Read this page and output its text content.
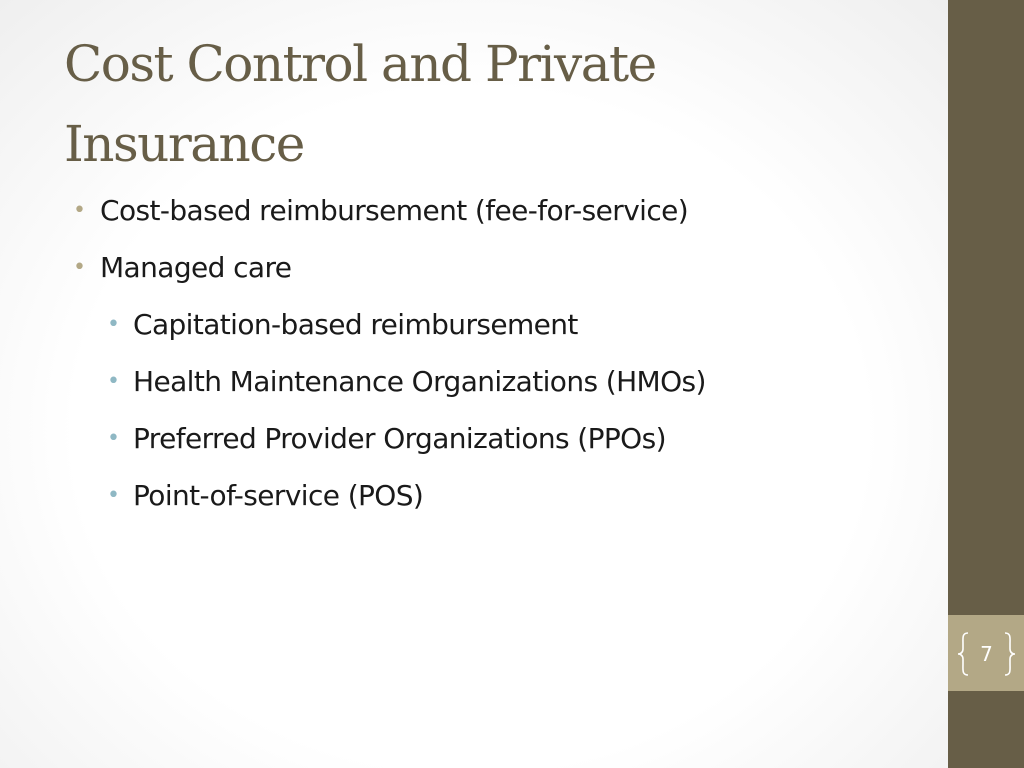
Cost Control and Private Insurance
• Cost-based reimbursement (fee-for-service)
• Managed care
• Capitation-based reimbursement
• Health Maintenance Organizations (HMOs)
• Preferred Provider Organizations (PPOs)
• Point-of-service (POS)
7
